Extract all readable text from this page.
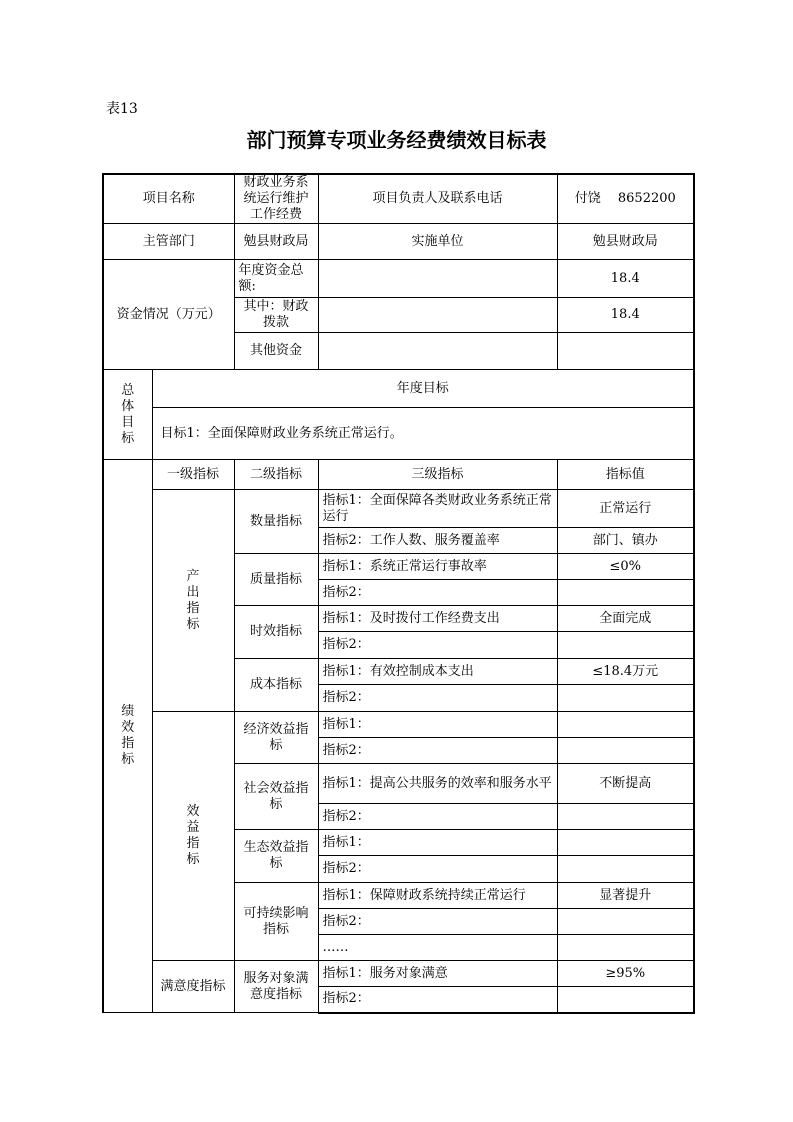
表13
部门预算专项业务经费绩效目标表
项目名称		财政业务系统运行维护工作经费	项目负责人及联系电话	付饶　 8652200
主管部门		勉县财政局	实施单位	勉县财政局
资金情况（万元）		年度资金总额:		18.4
		其中：财政拨款		18.4
		其他资金		
总体目标	年度目标			
	目标1：全面保障财政业务系统正常运行。			
绩效指标	一级指标	二级指标	三级指标	指标值
	产出指标	数量指标	指标1：全面保障各类财政业务系统正常运行	正常运行
			指标2：工作人数、服务覆盖率	部门、镇办
		质量指标	指标1：系统正常运行事故率	≤0%
			指标2：	
		时效指标	指标1：及时拨付工作经费支出	全面完成
			指标2：	
		成本指标	指标1：有效控制成本支出	≤18.4万元
			指标2：	
	效益指标	经济效益指标	指标1：	
			指标2：	
		社会效益指标	指标1：提高公共服务的效率和服务水平	不断提高
			指标2：	
		生态效益指标	指标1：	
			指标2：	
		可持续影响指标	指标1：保障财政系统持续正常运行	显著提升
			指标2：	
			……	
	满意度指标	服务对象满意度指标	指标1：服务对象满意	≥95%
			指标2：	
